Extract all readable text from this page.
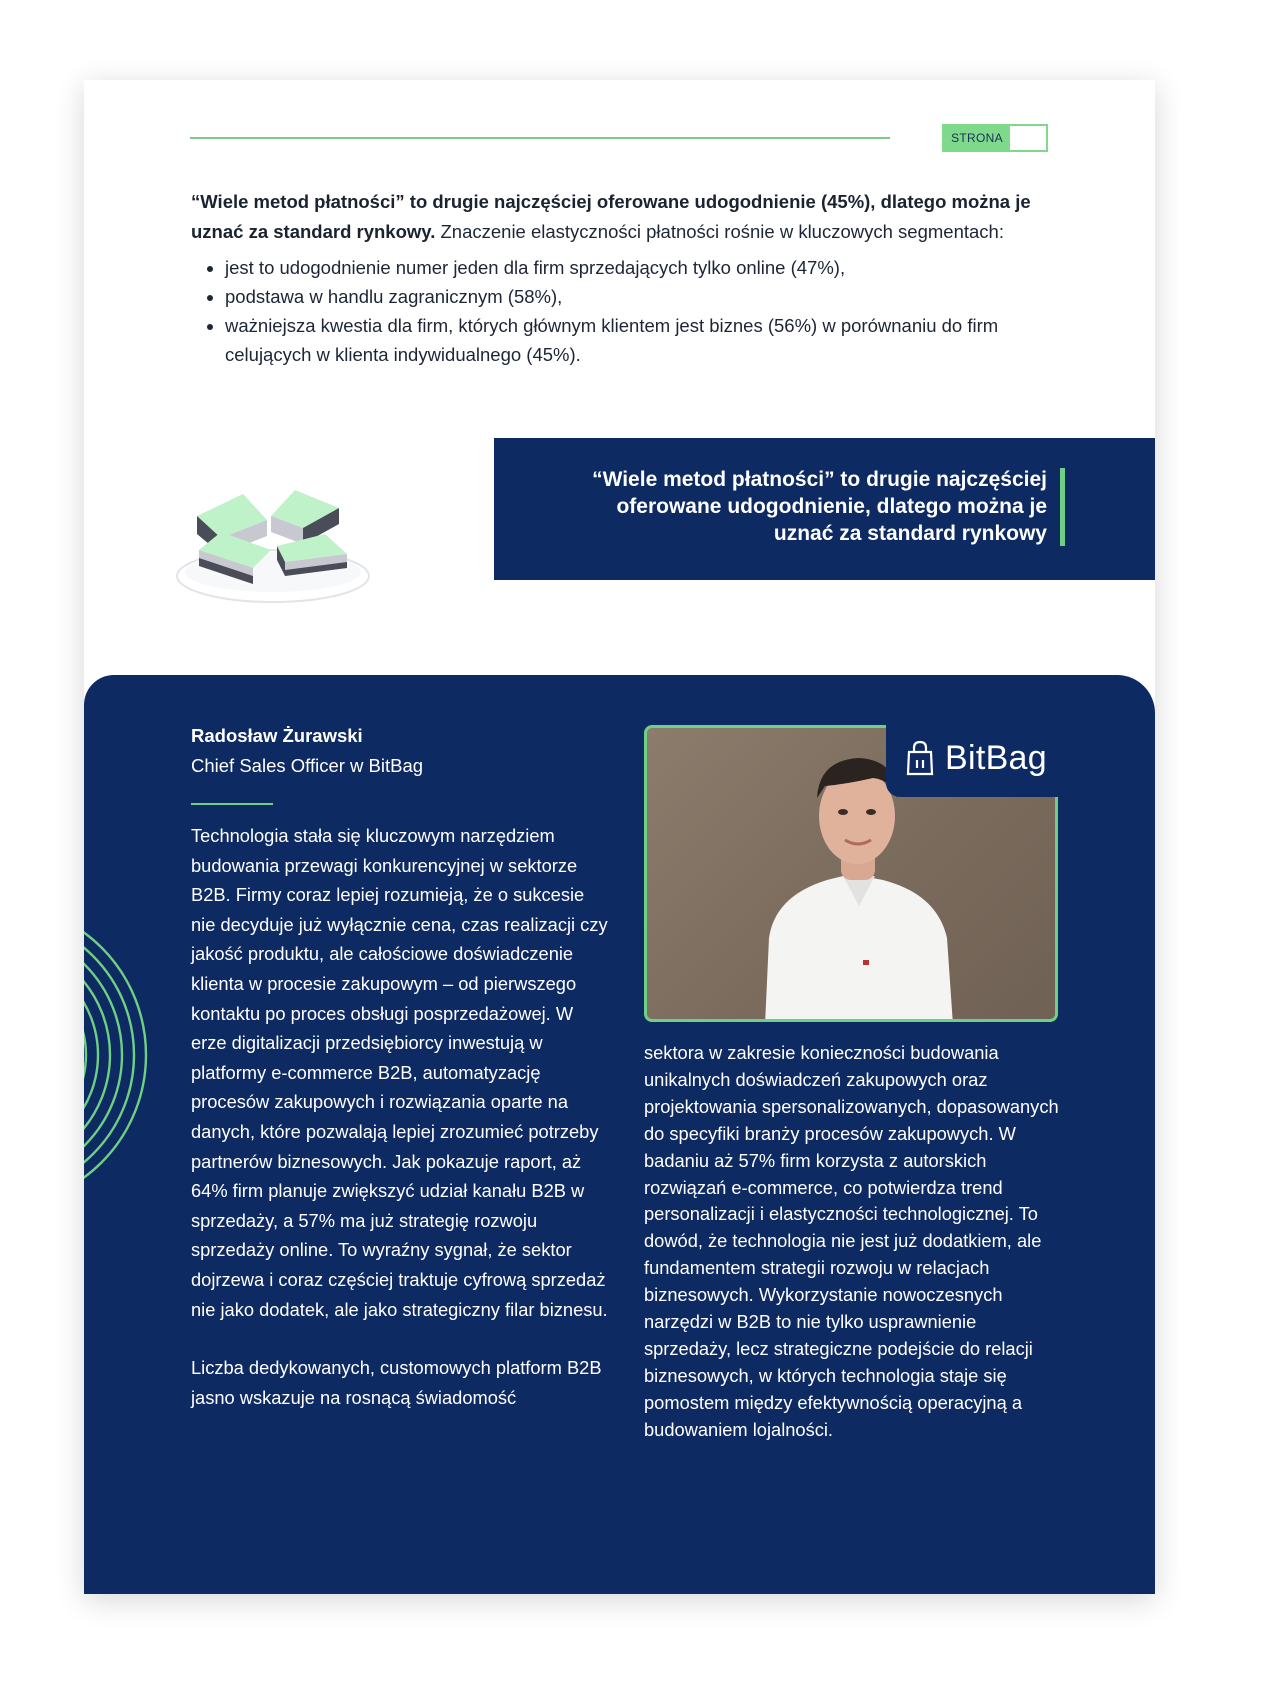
STRONA

“Wiele metod płatności” to drugie najczęściej oferowane udogodnienie (45%), dlatego można je uznać za standard rynkowy. Znaczenie elastyczności płatności rośnie w kluczowych segmentach:

• jest to udogodnienie numer jeden dla firm sprzedających tylko online (47%),
• podstawa w handlu zagranicznym (58%),
• ważniejsza kwestia dla firm, których głównym klientem jest biznes (56%) w porównaniu do firm celujących w klienta indywidualnego (45%).
“Wiele metod płatności” to drugie najczęściej oferowane udogodnienie, dlatego można je uznać za standard rynkowy
Radosław Żurawski
Chief Sales Officer w BitBag

Technologia stała się kluczowym narzędziem budowania przewagi konkurencyjnej w sektorze B2B. Firmy coraz lepiej rozumieją, że o sukcesie nie decyduje już wyłącznie cena, czas realizacji czy jakość produktu, ale całościowe doświadczenie klienta w procesie zakupowym – od pierwszego kontaktu po proces obsługi posprzedażowej. W erze digitalizacji przedsiębiorcy inwestują w platformy e-commerce B2B, automatyzację procesów zakupowych i rozwiązania oparte na danych, które pozwalają lepiej zrozumieć potrzeby partnerów biznesowych. Jak pokazuje raport, aż 64% firm planuje zwiększyć udział kanału B2B w sprzedaży, a 57% ma już strategię rozwoju sprzedaży online. To wyraźny sygnał, że sektor dojrzewa i coraz częściej traktuje cyfrową sprzedaż nie jako dodatek, ale jako strategiczny filar biznesu.

Liczba dedykowanych, customowych platform B2B jasno wskazuje na rosnącą świadomość

BitBag

sektora w zakresie konieczności budowania unikalnych doświadczeń zakupowych oraz projektowania spersonalizowanych, dopasowanych do specyfiki branży procesów zakupowych. W badaniu aż 57% firm korzysta z autorskich rozwiązań e-commerce, co potwierdza trend personalizacji i elastyczności technologicznej. To dowód, że technologia nie jest już dodatkiem, ale fundamentem strategii rozwoju w relacjach biznesowych. Wykorzystanie nowoczesnych narzędzi w B2B to nie tylko usprawnienie sprzedaży, lecz strategiczne podejście do relacji biznesowych, w których technologia staje się pomostem między efektywnością operacyjną a budowaniem lojalności.
